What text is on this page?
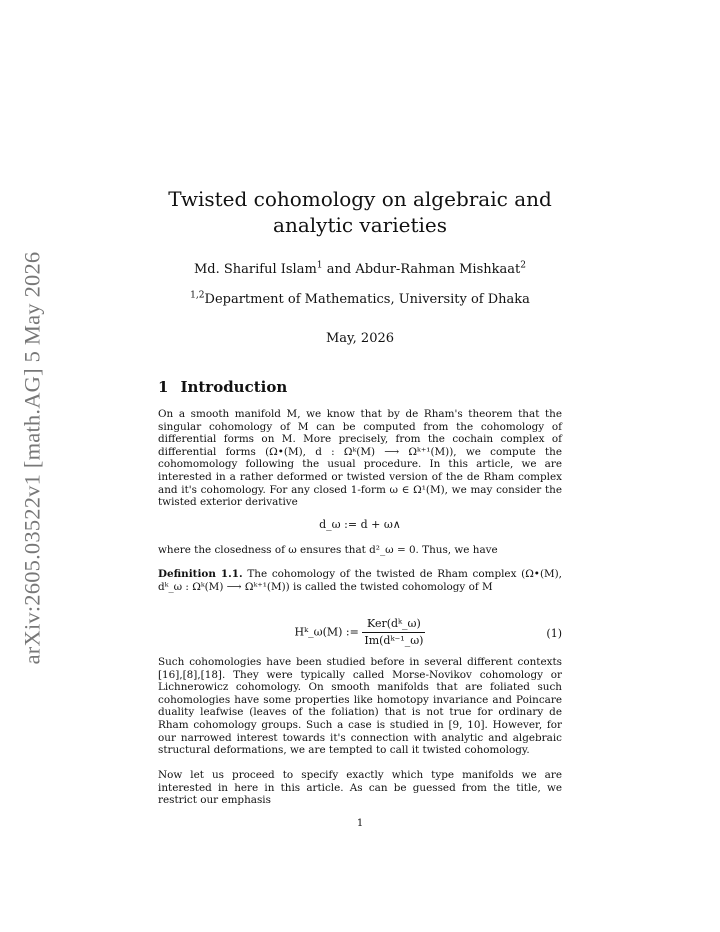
arXiv:2605.03522v1 [math.AG] 5 May 2026
Twisted cohomology on algebraic and
analytic varieties
Md. Shariful Islam$^1$ and Abdur-Rahman Mishkaat$^2$
$^{1,2}$Department of Mathematics, University of Dhaka
May, 2026
1 Introduction
On a smooth manifold M, we know that by de Rham's theorem that the singular cohomology of M can be computed from the cohomology of differential forms on M. More precisely, from the cochain complex of differential forms (Ω•(M), d : Ωᵏ(M) ⟶ Ωᵏ⁺¹(M)), we compute the cohomomology following the usual procedure. In this article, we are interested in a rather deformed or twisted version of the de Rham complex and it's cohomology. For any closed 1-form ω ∈ Ω¹(M), we may consider the twisted exterior derivative
d_ω := d + ω∧
where the closedness of ω ensures that d²_ω = 0. Thus, we have
Definition 1.1. The cohomology of the twisted de Rham complex (Ω•(M), dᵏ_ω : Ωᵏ(M) ⟶ Ωᵏ⁺¹(M)) is called the twisted cohomology of M
Hᵏ_ω(M) := $\frac{\text{Ker(dᵏ\_ω)}}{\text{Im(dᵏ⁻¹\_ω)}}$	(1)
Such cohomologies have been studied before in several different contexts [16],[8],[18]. They were typically called Morse-Novikov cohomology or Lichnerowicz cohomology. On smooth manifolds that are foliated such cohomologies have some properties like homotopy invariance and Poincare duality leafwise (leaves of the foliation) that is not true for ordinary de Rham cohomology groups. Such a case is studied in [9, 10]. However, for our narrowed interest towards it's connection with analytic and algebraic structural deformations, we are tempted to call it twisted cohomology.
Now let us proceed to specify exactly which type manifolds we are interested in here in this article. As can be guessed from the title, we restrict our emphasis
1
